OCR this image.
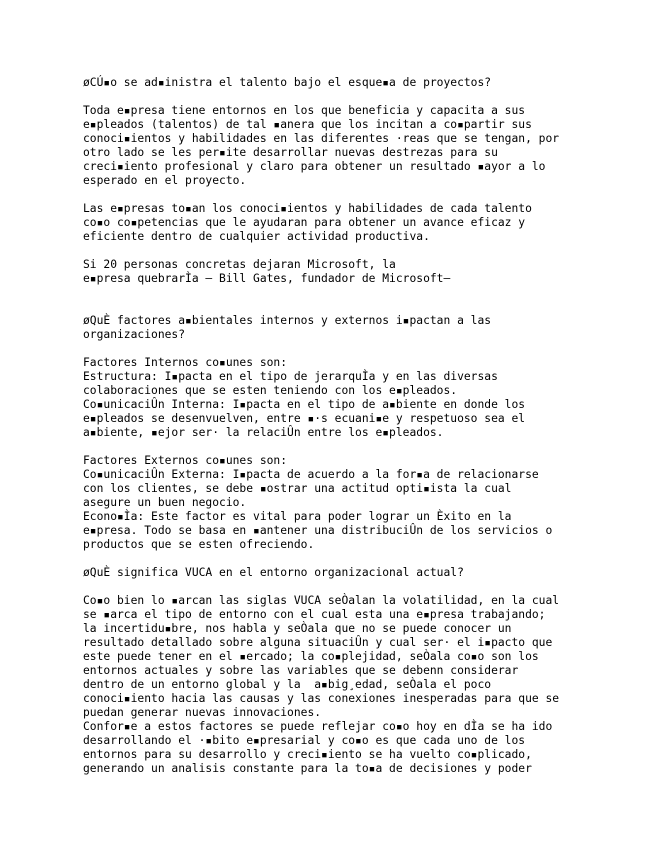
øCÚ▪o se ad▪inistra el talento bajo el esque▪a de proyectos?
Toda e▪presa tiene entornos en los que beneficia y capacita a sus
e▪pleados (talentos) de tal ▪anera que los incitan a co▪partir sus
conoci▪ientos y habilidades en las diferentes ·reas que se tengan, por
otro lado se les per▪ite desarrollar nuevas destrezas para su
creci▪iento profesional y claro para obtener un resultado ▪ayor a lo
esperado en el proyecto.
Las e▪presas to▪an los conoci▪ientos y habilidades de cada talento
co▪o co▪petencias que le ayudaran para obtener un avance eficaz y
eficiente dentro de cualquier actividad productiva.
Si 20 personas concretas dejaran Microsoft, la
e▪presa quebrarÌa – Bill Gates, fundador de Microsoft–
øQuÈ factores a▪bientales internos y externos i▪pactan a las
organizaciones?
Factores Internos co▪unes son:
Estructura: I▪pacta en el tipo de jerarquÌa y en las diversas
colaboraciones que se esten teniendo con los e▪pleados.
Co▪unicaciÛn Interna: I▪pacta en el tipo de a▪biente en donde los
e▪pleados se desenvuelven, entre ▪·s ecuani▪e y respetuoso sea el
a▪biente, ▪ejor ser· la relaciÛn entre los e▪pleados.
Factores Externos co▪unes son:
Co▪unicaciÛn Externa: I▪pacta de acuerdo a la for▪a de relacionarse
con los clientes, se debe ▪ostrar una actitud opti▪ista la cual
asegure un buen negocio.
Econo▪Ìa: Este factor es vital para poder lograr un Èxito en la
e▪presa. Todo se basa en ▪antener una distribuciÛn de los servicios o
productos que se esten ofreciendo.
øQuÈ significa VUCA en el entorno organizacional actual?
Co▪o bien lo ▪arcan las siglas VUCA seÒalan la volatilidad, en la cual
se ▪arca el tipo de entorno con el cual esta una e▪presa trabajando;
la incertidu▪bre, nos habla y seÒala que no se puede conocer un
resultado detallado sobre alguna situaciÛn y cual ser· el i▪pacto que
este puede tener en el ▪ercado; la co▪plejidad, seÒala co▪o son los
entornos actuales y sobre las variables que se debenn considerar
dentro de un entorno global y la  a▪big¸edad, seÒala el poco
conoci▪iento hacia las causas y las conexiones inesperadas para que se
puedan generar nuevas innovaciones.
Confor▪e a estos factores se puede reflejar co▪o hoy en dÌa se ha ido
desarrollando el ·▪bito e▪presarial y co▪o es que cada uno de los
entornos para su desarrollo y creci▪iento se ha vuelto co▪plicado,
generando un analisis constante para la to▪a de decisiones y poder
